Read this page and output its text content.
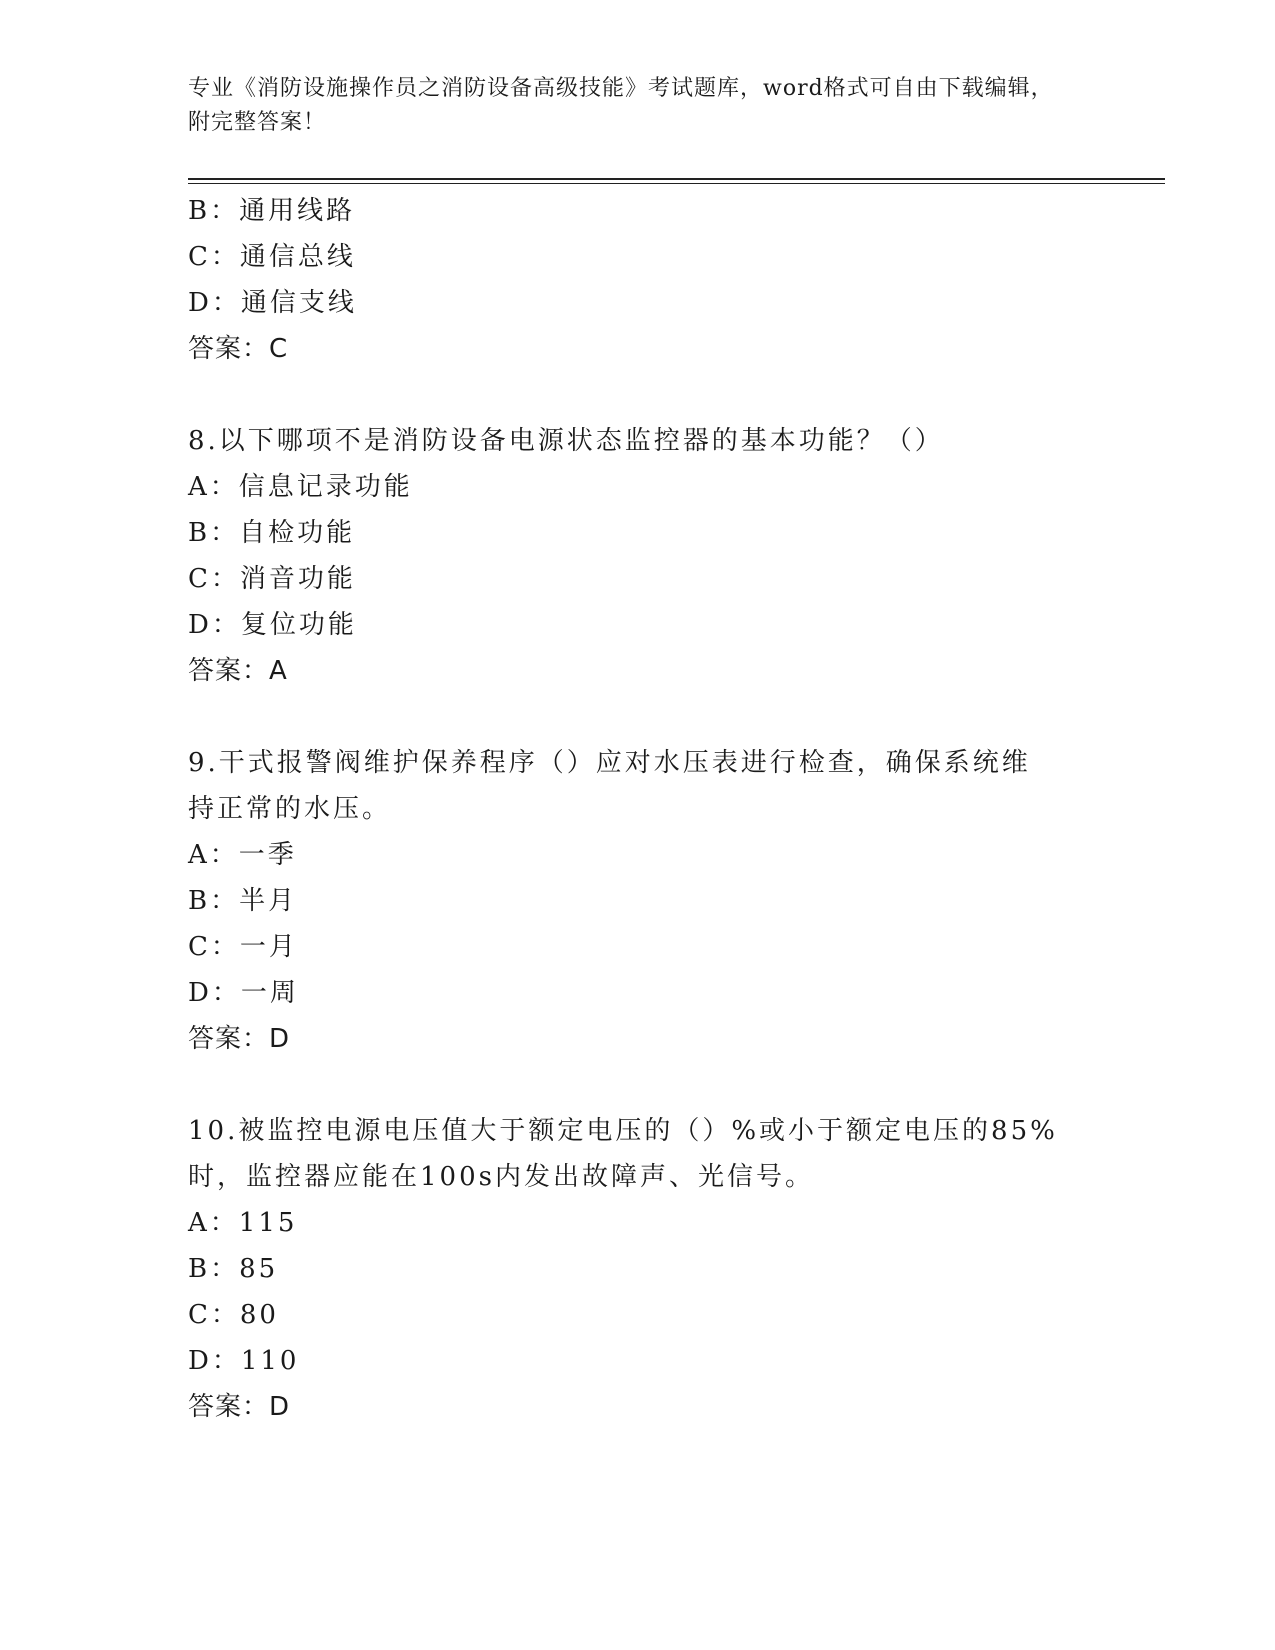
专业《消防设施操作员之消防设备高级技能》考试题库，word格式可自由下载编辑，附完整答案！
B：通用线路
C：通信总线
D：通信支线
答案：C
8.以下哪项不是消防设备电源状态监控器的基本功能？（）
A：信息记录功能
B：自检功能
C：消音功能
D：复位功能
答案：A
9.干式报警阀维护保养程序（）应对水压表进行检查，确保系统维持正常的水压。
A：一季
B：半月
C：一月
D：一周
答案：D
10.被监控电源电压值大于额定电压的（）%或小于额定电压的85%时，监控器应能在100s内发出故障声、光信号。
A：115
B：85
C：80
D：110
答案：D
